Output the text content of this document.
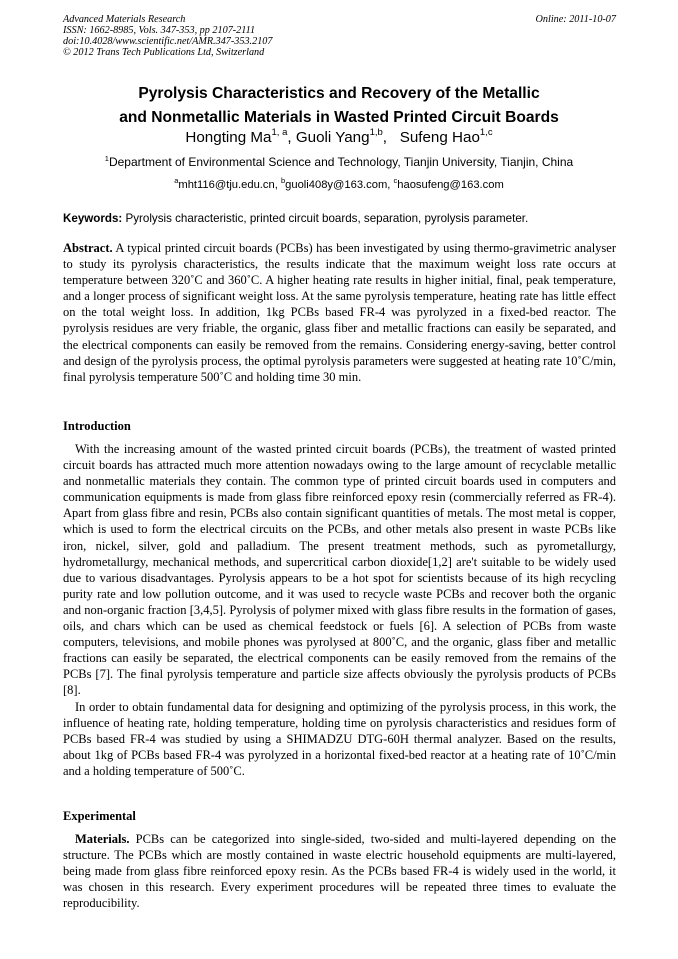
Advanced Materials Research
ISSN: 1662-8985, Vols. 347-353, pp 2107-2111
doi:10.4028/www.scientific.net/AMR.347-353.2107
© 2012 Trans Tech Publications Ltd, Switzerland
Online: 2011-10-07
Pyrolysis Characteristics and Recovery of the Metallic
and Nonmetallic Materials in Wasted Printed Circuit Boards
Hongting Ma$^{1, a}$, Guoli Yang$^{1,b}$,   Sufeng Hao$^{1,c}$
$^1$Department of Environmental Science and Technology, Tianjin University, Tianjin, China
$^a$mht116@tju.edu.cn, $^b$guoli408y@163.com, $^c$haosufeng@163.com
Keywords: Pyrolysis characteristic, printed circuit boards, separation, pyrolysis parameter.

Abstract. A typical printed circuit boards (PCBs) has been investigated by using thermo-gravimetric analyser to study its pyrolysis characteristics, the results indicate that the maximum weight loss rate occurs at temperature between 320˚C and 360˚C. A higher heating rate results in higher initial, final, peak temperature, and a longer process of significant weight loss. At the same pyrolysis temperature, heating rate has little effect on the total weight loss. In addition, 1kg PCBs based FR-4 was pyrolyzed in a fixed-bed reactor. The pyrolysis residues are very friable, the organic, glass fiber and metallic fractions can easily be separated, and the electrical components can easily be removed from the remains. Considering energy-saving, better control and design of the pyrolysis process, the optimal pyrolysis parameters were suggested at heating rate 10˚C/min, final pyrolysis temperature 500˚C and holding time 30 min.

Introduction

With the increasing amount of the wasted printed circuit boards (PCBs), the treatment of wasted printed circuit boards has attracted much more attention nowadays owing to the large amount of recyclable metallic and nonmetallic materials they contain. The common type of printed circuit boards used in computers and communication equipments is made from glass fibre reinforced epoxy resin (commercially referred as FR-4). Apart from glass fibre and resin, PCBs also contain significant quantities of metals. The most metal is copper, which is used to form the electrical circuits on the PCBs, and other metals also present in waste PCBs like iron, nickel, silver, gold and palladium. The present treatment methods, such as pyrometallurgy, hydrometallurgy, mechanical methods, and supercritical carbon dioxide[1,2] are't suitable to be widely used due to various disadvantages. Pyrolysis appears to be a hot spot for scientists because of its high recycling purity rate and low pollution outcome, and it was used to recycle waste PCBs and recover both the organic and non-organic fraction [3,4,5]. Pyrolysis of polymer mixed with glass fibre results in the formation of gases, oils, and chars which can be used as chemical feedstock or fuels [6]. A selection of PCBs from waste computers, televisions, and mobile phones was pyrolysed at 800˚C, and the organic, glass fiber and metallic fractions can easily be separated, the electrical components can be easily removed from the remains of the PCBs [7]. The final pyrolysis temperature and particle size affects obviously the pyrolysis products of PCBs [8].

In order to obtain fundamental data for designing and optimizing of the pyrolysis process, in this work, the influence of heating rate, holding temperature, holding time on pyrolysis characteristics and residues form of PCBs based FR-4 was studied by using a SHIMADZU DTG-60H thermal analyzer. Based on the results, about 1kg of PCBs based FR-4 was pyrolyzed in a horizontal fixed-bed reactor at a heating rate of 10˚C/min and a holding temperature of 500˚C.

Experimental

Materials. PCBs can be categorized into single-sided, two-sided and multi-layered depending on the structure. The PCBs which are mostly contained in waste electric household equipments are multi-layered, being made from glass fibre reinforced epoxy resin. As the PCBs based FR-4 is widely used in the world, it was chosen in this research. Every experiment procedures will be repeated three times to evaluate the reproducibility.
